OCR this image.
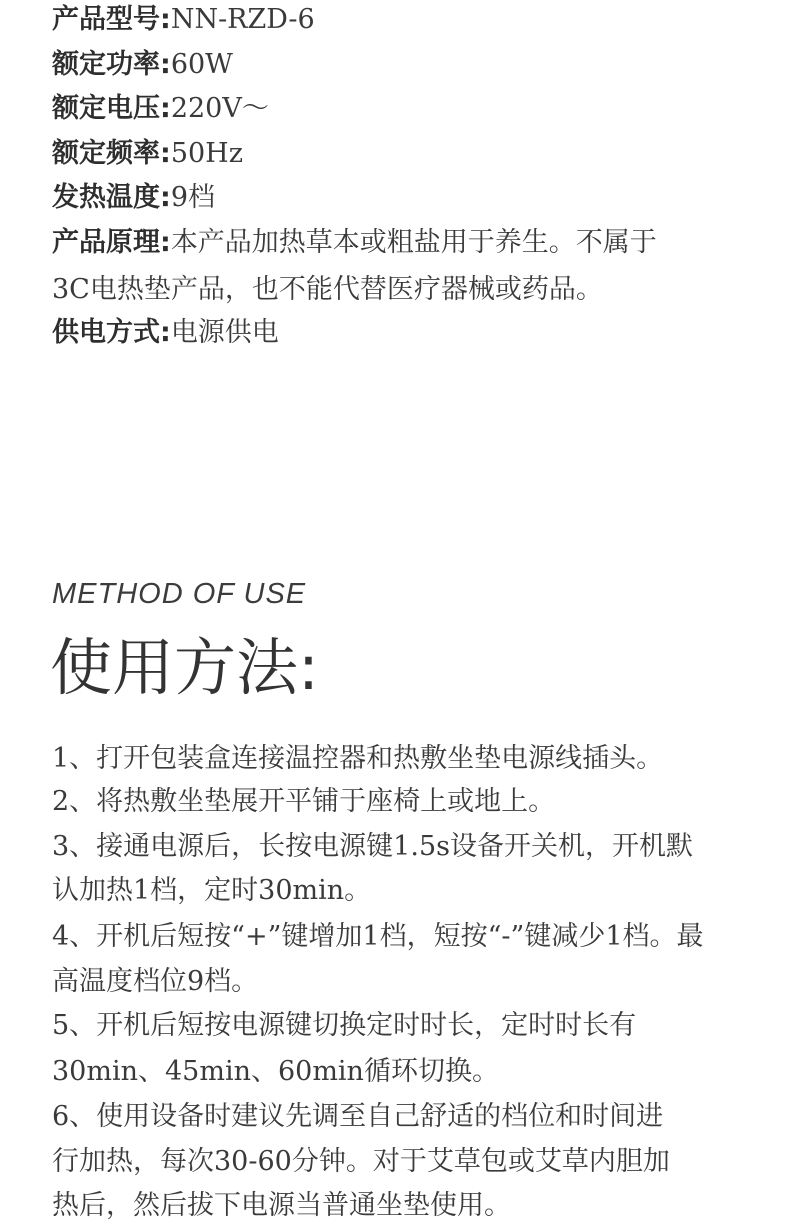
产品型号:NN-RZD-6
额定功率:60W
额定电压:220V～
额定频率:50Hz
发热温度:9档
产品原理:本产品加热草本或粗盐用于养生。不属于
3C电热垫产品，也不能代替医疗器械或药品。
供电方式:电源供电
METHOD OF USE
使用方法:
1、打开包装盒连接温控器和热敷坐垫电源线插头。
2、将热敷坐垫展开平铺于座椅上或地上。
3、接通电源后，长按电源键1.5s设备开关机，开机默
认加热1档，定时30min。
4、开机后短按“+”键增加1档，短按“-”键减少1档。最
高温度档位9档。
5、开机后短按电源键切换定时时长，定时时长有
30min、45min、60min循环切换。
6、使用设备时建议先调至自己舒适的档位和时间进
行加热，每次30-60分钟。对于艾草包或艾草内胆加
热后，然后拔下电源当普通坐垫使用。
